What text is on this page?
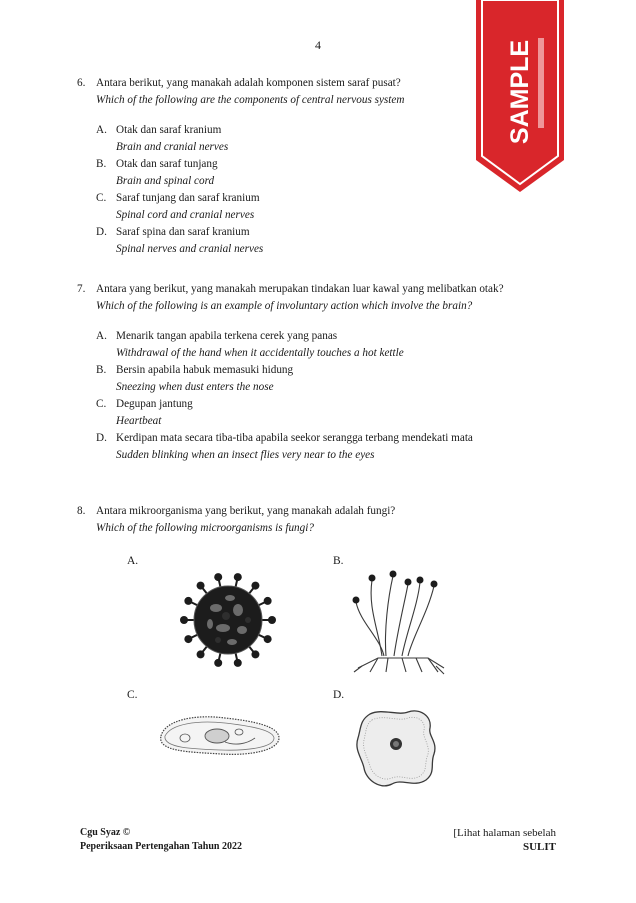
4	SAMPLE
6. Antara berikut, yang manakah adalah komponen sistem saraf pusat?
Which of the following are the components of central nervous system
A. Otak dan saraf kranium
Brain and cranial nerves
B. Otak dan saraf tunjang
Brain and spinal cord
C. Saraf tunjang dan saraf kranium
Spinal cord and cranial nerves
D. Saraf spina dan saraf kranium
Spinal nerves and cranial nerves
7. Antara yang berikut, yang manakah merupakan tindakan luar kawal yang melibatkan otak?
Which of the following is an example of involuntary action which involve the brain?
A. Menarik tangan apabila terkena cerek yang panas
Withdrawal of the hand when it accidentally touches a hot kettle
B. Bersin apabila habuk memasuki hidung
Sneezing when dust enters the nose
C. Degupan jantung
Heartbeat
D. Kerdipan mata secara tiba-tiba apabila seekor serangga terbang mendekati mata
Sudden blinking when an insect flies very near to the eyes
8. Antara mikroorganisma yang berikut, yang manakah adalah fungi?
Which of the following microorganisms is fungi?
A.	B.
C.	D.
Cgu Syaz ©
Peperiksaan Pertengahan Tahun 2022
[Lihat halaman sebelah
SULIT
